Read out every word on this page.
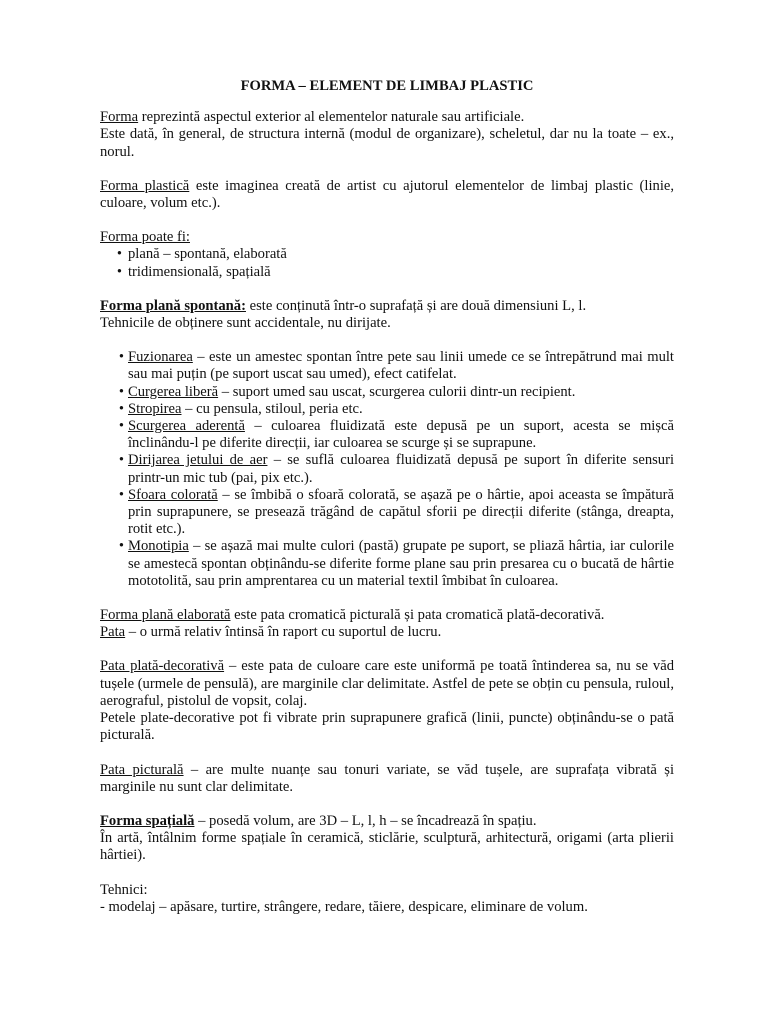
FORMA – ELEMENT DE LIMBAJ PLASTIC

Forma reprezintă aspectul exterior al elementelor naturale sau artificiale.

Este dată, în general, de structura internă (modul de organizare), scheletul, dar nu la toate – ex., norul.

Forma plastică este imaginea creată de artist cu ajutorul elementelor de limbaj plastic (linie, culoare, volum etc.).

Forma poate fi:

• plană – spontană, elaborată
• tridimensională, spațială

Forma plană spontană: este conținută într-o suprafață și are două dimensiuni L, l.

Tehnicile de obținere sunt accidentale, nu dirijate.

• Fuzionarea – este un amestec spontan între pete sau linii umede ce se întrepătrund mai mult sau mai puțin (pe suport uscat sau umed), efect catifelat.
• Curgerea liberă – suport umed sau uscat, scurgerea culorii dintr-un recipient.
• Stropirea – cu pensula, stiloul, peria etc.
• Scurgerea aderentă – culoarea fluidizată este depusă pe un suport, acesta se mișcă înclinându-l pe diferite direcții, iar culoarea se scurge și se suprapune.
• Dirijarea jetului de aer – se suflă culoarea fluidizată depusă pe suport în diferite sensuri printr-un mic tub (pai, pix etc.).
• Sfoara colorată – se îmbibă o sfoară colorată, se așază pe o hârtie, apoi aceasta se împătură prin suprapunere, se presează trăgând de capătul sforii pe direcții diferite (stânga, dreapta, rotit etc.).
• Monotipia – se așază mai multe culori (pastă) grupate pe suport, se pliază hârtia, iar culorile se amestecă spontan obținându-se diferite forme plane sau prin presarea cu o bucată de hârtie mototolită, sau prin amprentarea cu un material textil îmbibat în culoarea.

Forma plană elaborată este pata cromatică picturală și pata cromatică plată-decorativă.

Pata – o urmă relativ întinsă în raport cu suportul de lucru.

Pata plată-decorativă – este pata de culoare care este uniformă pe toată întinderea sa, nu se văd tușele (urmele de pensulă), are marginile clar delimitate. Astfel de pete se obțin cu pensula, ruloul, aerograful, pistolul de vopsit, colaj.

Petele plate-decorative pot fi vibrate prin suprapunere grafică (linii, puncte) obținându-se o pată picturală.

Pata picturală – are multe nuanțe sau tonuri variate, se văd tușele, are suprafața vibrată și marginile nu sunt clar delimitate.

Forma spațială – posedă volum, are 3D – L, l, h – se încadrează în spațiu.

În artă, întâlnim forme spațiale în ceramică, sticlărie, sculptură, arhitectură, origami (arta plierii hârtiei).

Tehnici:

- modelaj – apăsare, turtire, strângere, redare, tăiere, despicare, eliminare de volum.
